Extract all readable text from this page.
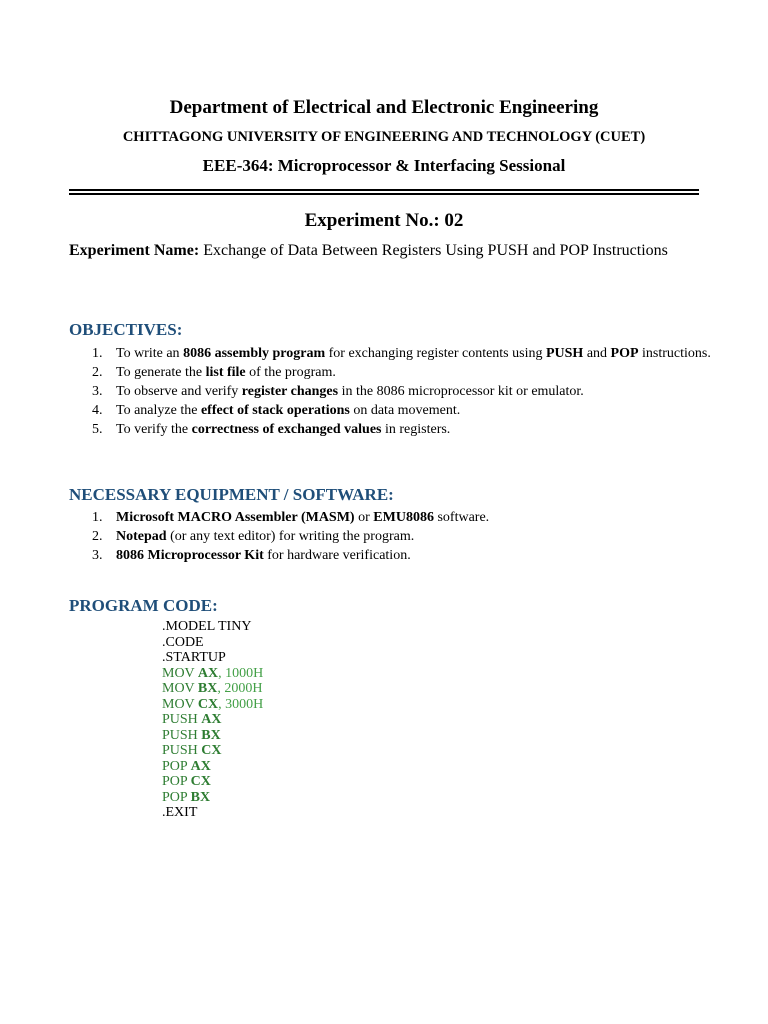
Department of Electrical and Electronic Engineering
CHITTAGONG UNIVERSITY OF ENGINEERING AND TECHNOLOGY (CUET)
EEE-364: Microprocessor & Interfacing Sessional
Experiment No.: 02
Experiment Name: Exchange of Data Between Registers Using PUSH and POP Instructions
OBJECTIVES:
1. To write an 8086 assembly program for exchanging register contents using PUSH and POP instructions.
2. To generate the list file of the program.
3. To observe and verify register changes in the 8086 microprocessor kit or emulator.
4. To analyze the effect of stack operations on data movement.
5. To verify the correctness of exchanged values in registers.
NECESSARY EQUIPMENT / SOFTWARE:
1. Microsoft MACRO Assembler (MASM) or EMU8086 software.
2. Notepad (or any text editor) for writing the program.
3. 8086 Microprocessor Kit for hardware verification.
PROGRAM CODE:
.MODEL TINY
.CODE
.STARTUP
MOV AX, 1000H
MOV BX, 2000H
MOV CX, 3000H
PUSH AX
PUSH BX
PUSH CX
POP AX
POP CX
POP BX
.EXIT
